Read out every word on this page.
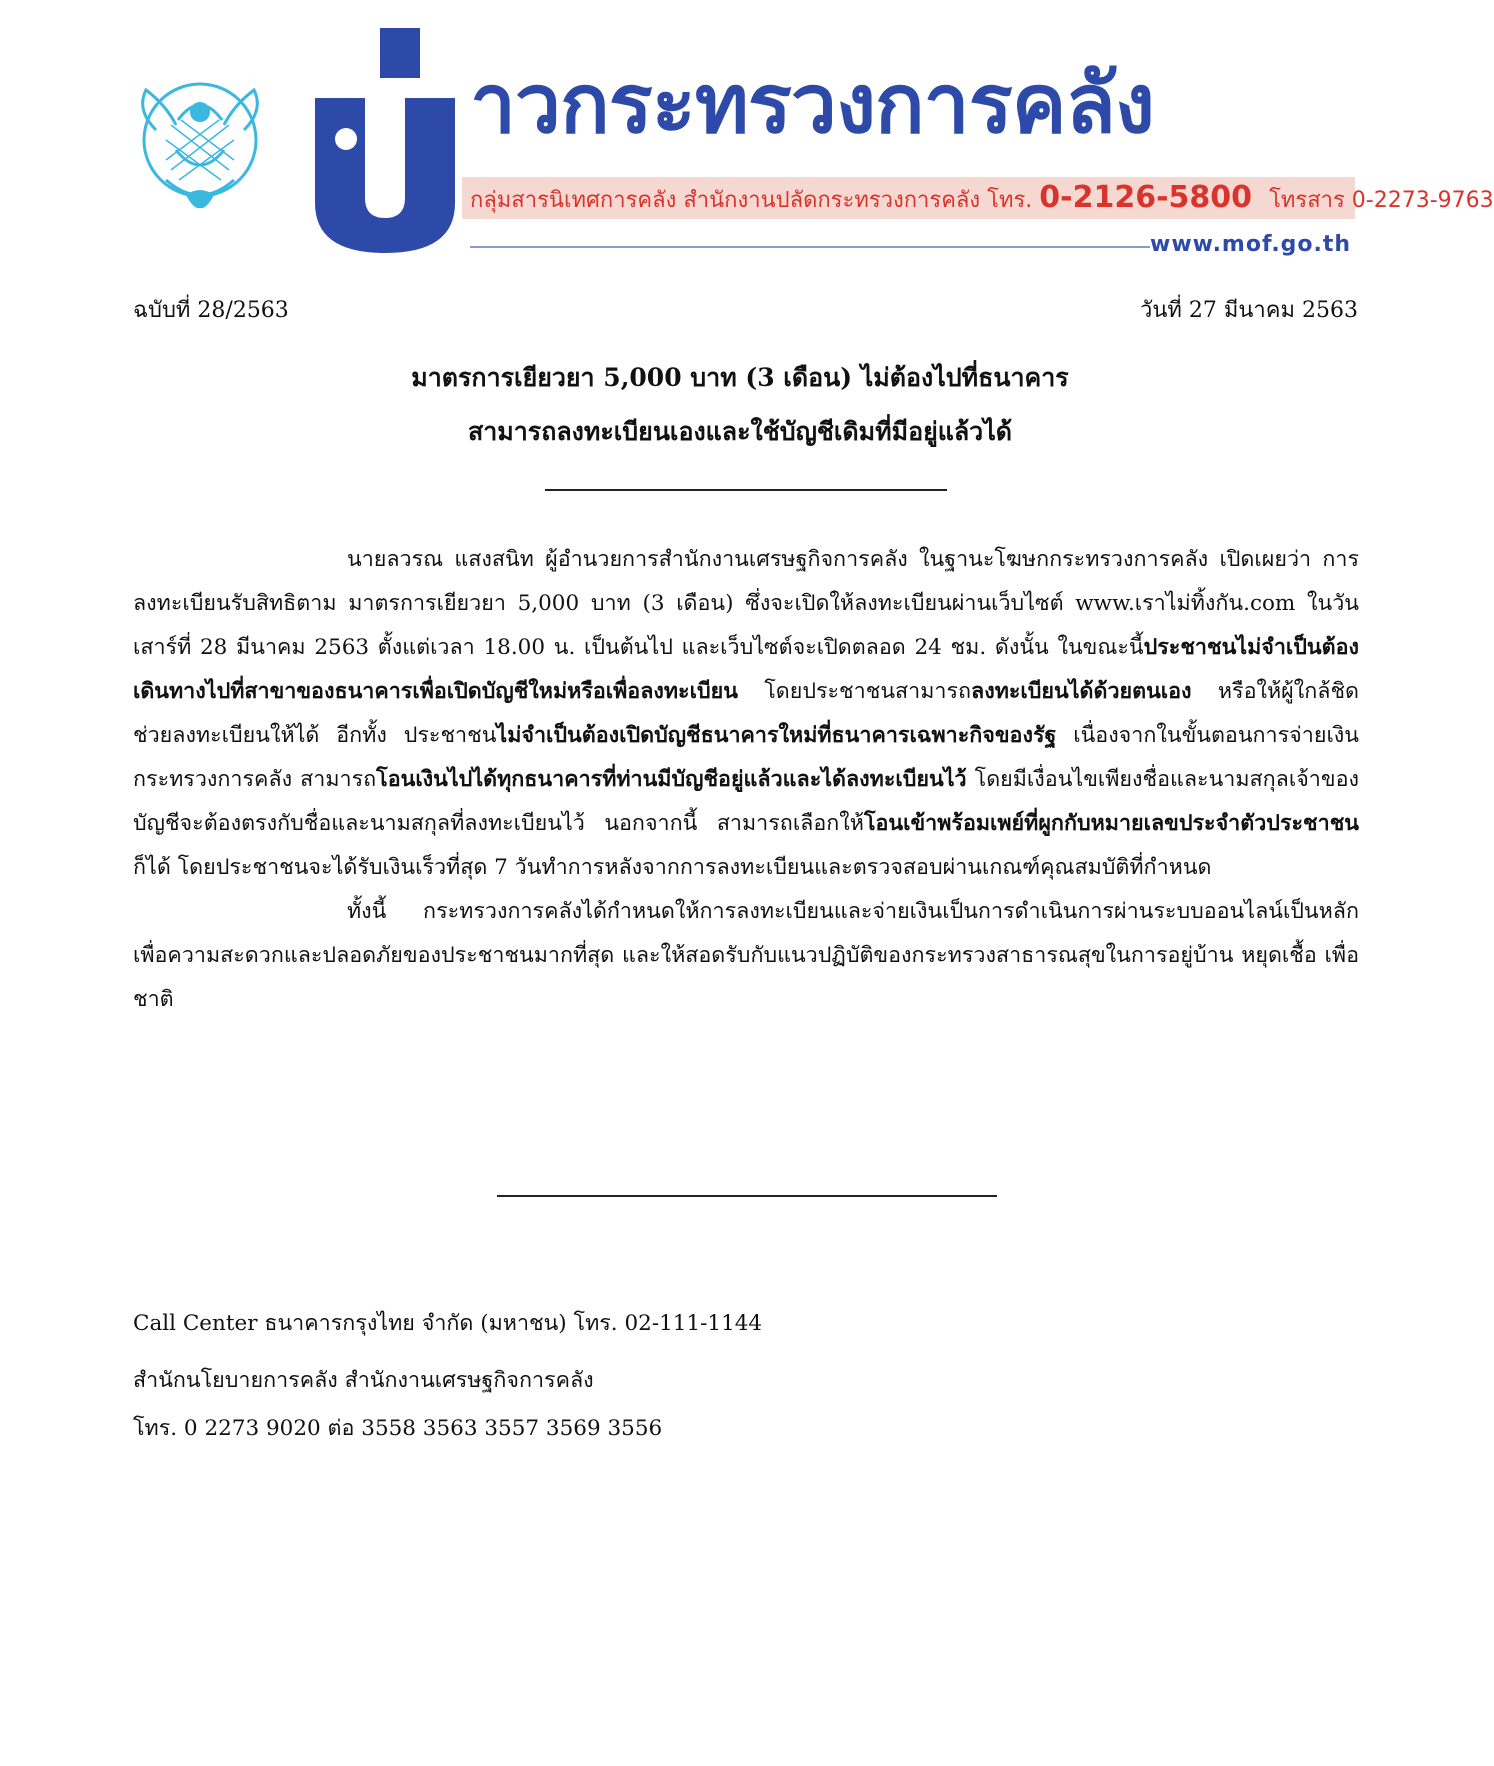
าวกระทรวงการคลัง
กลุ่มสารนิเทศการคลัง สำนักงานปลัดกระทรวงการคลัง โทร. 0-2126-5800 โทรสาร 0-2273-9763
www.mof.go.th
ฉบับที่ 28/2563	วันที่ 27 มีนาคม 2563
มาตรการเยียวยา 5,000 บาท (3 เดือน) ไม่ต้องไปที่ธนาคาร
สามารถลงทะเบียนเองและใช้บัญชีเดิมที่มีอยู่แล้วได้

นายลวรณ แสงสนิท ผู้อำนวยการสำนักงานเศรษฐกิจการคลัง ในฐานะโฆษกกระทรวงการคลัง เปิดเผยว่า การลงทะเบียนรับสิทธิตาม มาตรการเยียวยา 5,000 บาท (3 เดือน) ซึ่งจะเปิดให้ลงทะเบียนผ่านเว็บไซต์ www.เราไม่ทิ้งกัน.com ในวันเสาร์ที่ 28 มีนาคม 2563 ตั้งแต่เวลา 18.00 น. เป็นต้นไป และเว็บไซต์จะเปิดตลอด 24 ชม. ดังนั้น ในขณะนี้ประชาชนไม่จำเป็นต้องเดินทางไปที่สาขาของธนาคารเพื่อเปิดบัญชีใหม่หรือเพื่อลงทะเบียน โดยประชาชนสามารถลงทะเบียนได้ด้วยตนเอง หรือให้ผู้ใกล้ชิดช่วยลงทะเบียนให้ได้ อีกทั้ง ประชาชนไม่จำเป็นต้องเปิดบัญชีธนาคารใหม่ที่ธนาคารเฉพาะกิจของรัฐ เนื่องจากในขั้นตอนการจ่ายเงิน กระทรวงการคลัง สามารถโอนเงินไปได้ทุกธนาคารที่ท่านมีบัญชีอยู่แล้วและได้ลงทะเบียนไว้ โดยมีเงื่อนไขเพียงชื่อและนามสกุลเจ้าของบัญชีจะต้องตรงกับชื่อและนามสกุลที่ลงทะเบียนไว้ นอกจากนี้ สามารถเลือกให้โอนเข้าพร้อมเพย์ที่ผูกกับหมายเลขประจำตัวประชาชนก็ได้ โดยประชาชนจะได้รับเงินเร็วที่สุด 7 วันทำการหลังจากการลงทะเบียนและตรวจสอบผ่านเกณฑ์คุณสมบัติที่กำหนด

ทั้งนี้ กระทรวงการคลังได้กำหนดให้การลงทะเบียนและจ่ายเงินเป็นการดำเนินการผ่านระบบออนไลน์เป็นหลัก เพื่อความสะดวกและปลอดภัยของประชาชนมากที่สุด และให้สอดรับกับแนวปฏิบัติของกระทรวงสาธารณสุขในการอยู่บ้าน หยุดเชื้อ เพื่อชาติ

Call Center ธนาคารกรุงไทย จำกัด (มหาชน) โทร. 02-111-1144
สำนักนโยบายการคลัง สำนักงานเศรษฐกิจการคลัง
โทร. 0 2273 9020 ต่อ 3558 3563 3557 3569 3556
